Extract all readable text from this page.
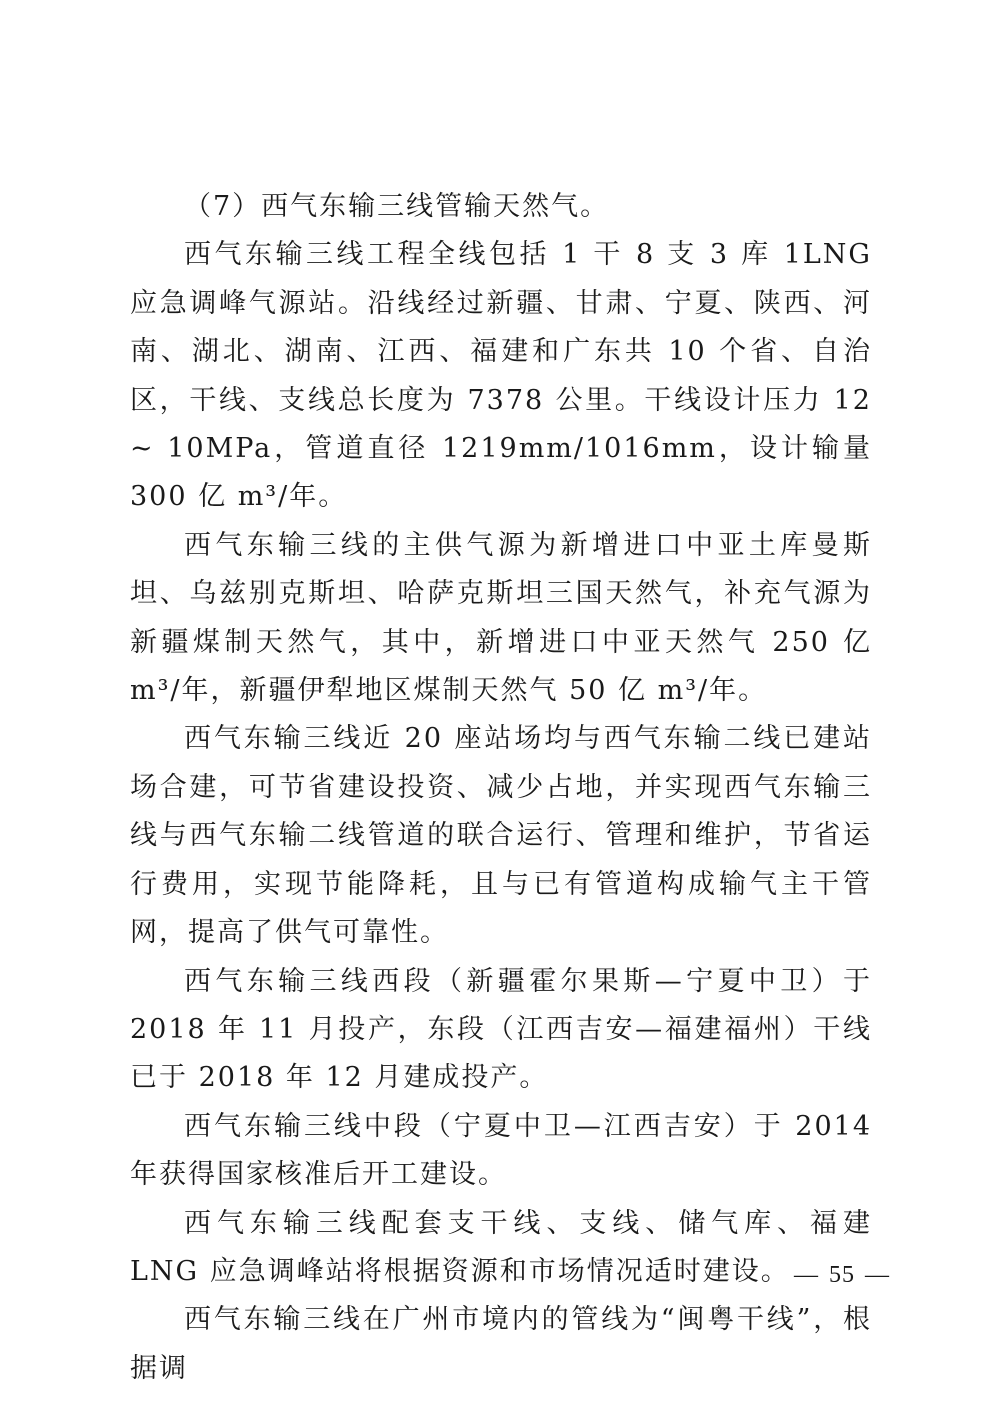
（7）西气东输三线管输天然气。

西气东输三线工程全线包括 1 干 8 支 3 库 1LNG 应急调峰气源站。沿线经过新疆、甘肃、宁夏、陕西、河南、湖北、湖南、江西、福建和广东共 10 个省、自治区，干线、支线总长度为 7378 公里。干线设计压力 12 ~ 10MPa，管道直径 1219mm/1016mm，设计输量 300 亿 m³/年。

西气东输三线的主供气源为新增进口中亚土库曼斯坦、乌兹别克斯坦、哈萨克斯坦三国天然气，补充气源为新疆煤制天然气，其中，新增进口中亚天然气 250 亿 m³/年，新疆伊犁地区煤制天然气 50 亿 m³/年。

西气东输三线近 20 座站场均与西气东输二线已建站场合建，可节省建设投资、减少占地，并实现西气东输三线与西气东输二线管道的联合运行、管理和维护，节省运行费用，实现节能降耗，且与已有管道构成输气主干管网，提高了供气可靠性。

西气东输三线西段（新疆霍尔果斯—宁夏中卫）于 2018 年 11 月投产，东段（江西吉安—福建福州）干线已于 2018 年 12 月建成投产。

西气东输三线中段（宁夏中卫—江西吉安）于 2014 年获得国家核准后开工建设。

西气东输三线配套支干线、支线、储气库、福建 LNG 应急调峰站将根据资源和市场情况适时建设。

西气东输三线在广州市境内的管线为“闽粤干线”，根据调

— 55 —
